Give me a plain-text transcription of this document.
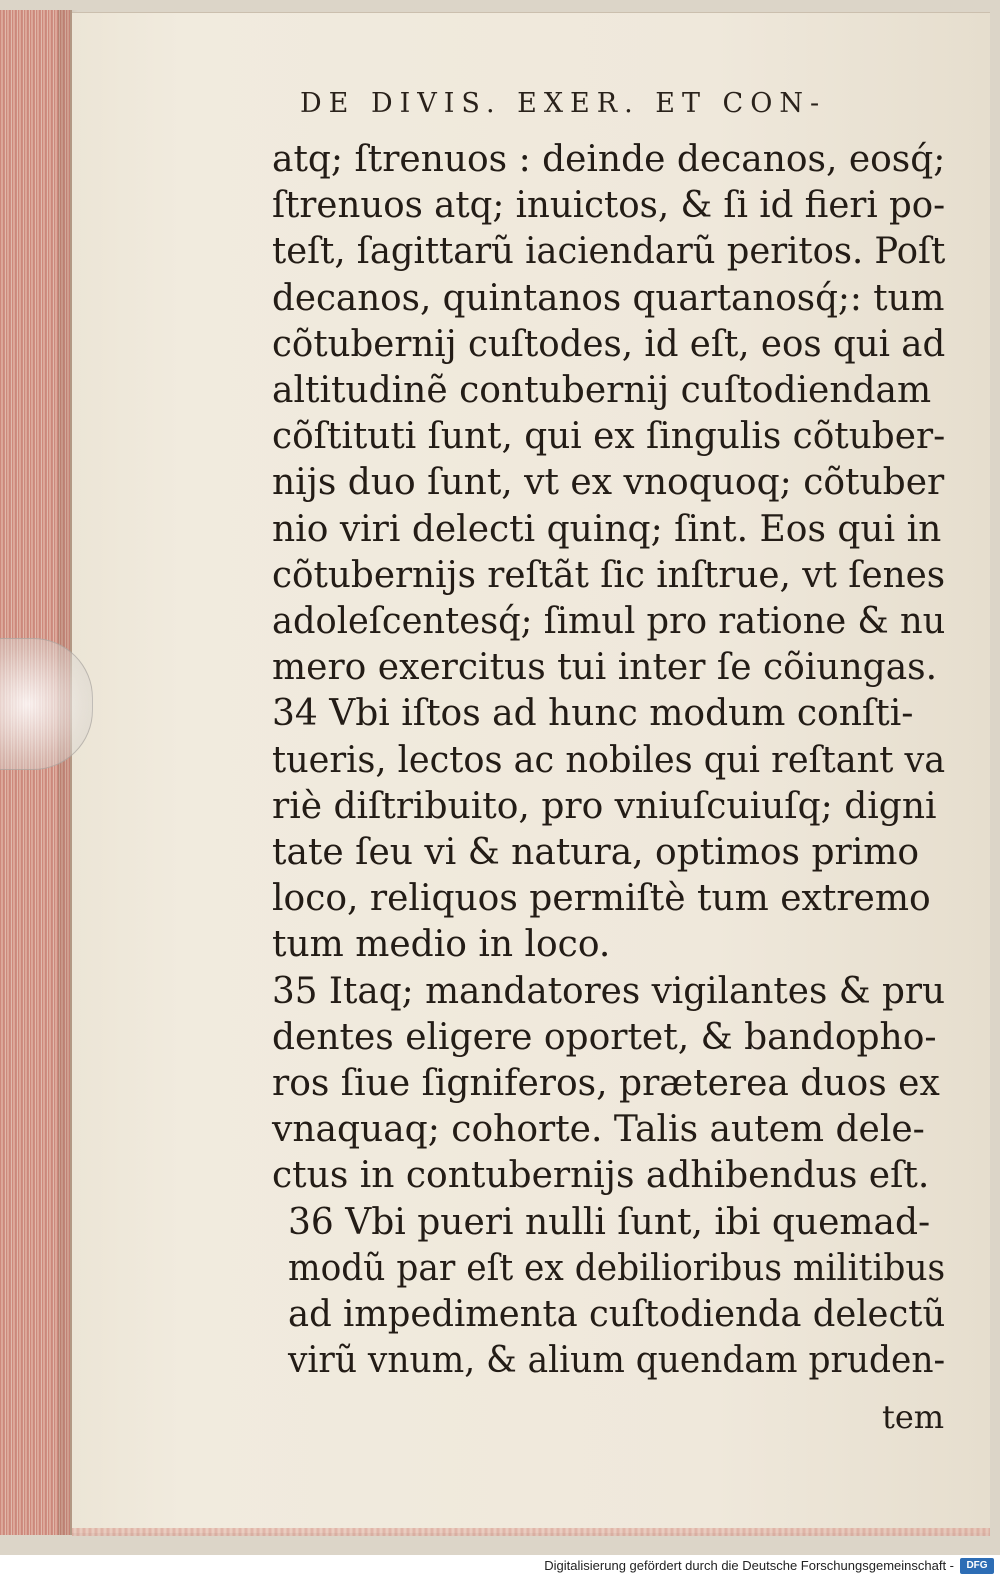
DE DIVIS. EXER. ET CON-
atq; ſtrenuos : deinde decanos, eosq́;
ſtrenuos atq; inuictos, & ſi id fieri po-
teſt, ſagittarũ iaciendarũ peritos. Poſt
decanos, quintanos quartanosq́;: tum
cõtubernij cuſtodes, id eſt, eos qui ad
altitudinẽ contubernij cuſtodiendam
cõſtituti ſunt, qui ex ſingulis cõtuber-
nijs duo ſunt, vt ex vnoquoq; cõtuber
nio viri delecti quinq; ſint. Eos qui in
cõtubernijs reſtãt ſic inſtrue, vt ſenes
adoleſcentesq́; ſimul pro ratione & nu
mero exercitus tui inter ſe cõiungas.
34 Vbi iſtos ad hunc modum conſti-
tueris, lectos ac nobiles qui reſtant va
riè diſtribuito, pro vniuſcuiuſq; digni
tate ſeu vi & natura, optimos primo
loco, reliquos permiſtè tum extremo
tum medio in loco.
35 Itaq; mandatores vigilantes & pru
dentes eligere oportet, & bandopho-
ros ſiue ſigniferos, præterea duos ex
vnaquaq; cohorte. Talis autem dele-
ctus in contubernijs adhibendus eſt.
36 Vbi pueri nulli ſunt, ibi quemad-
modũ par eſt ex debilioribus militibus
ad impedimenta cuſtodienda delectũ
virũ vnum, & alium quendam pruden-
tem
Digitalisierung gefördert durch die Deutsche Forschungsgemeinschaft -	DFG
